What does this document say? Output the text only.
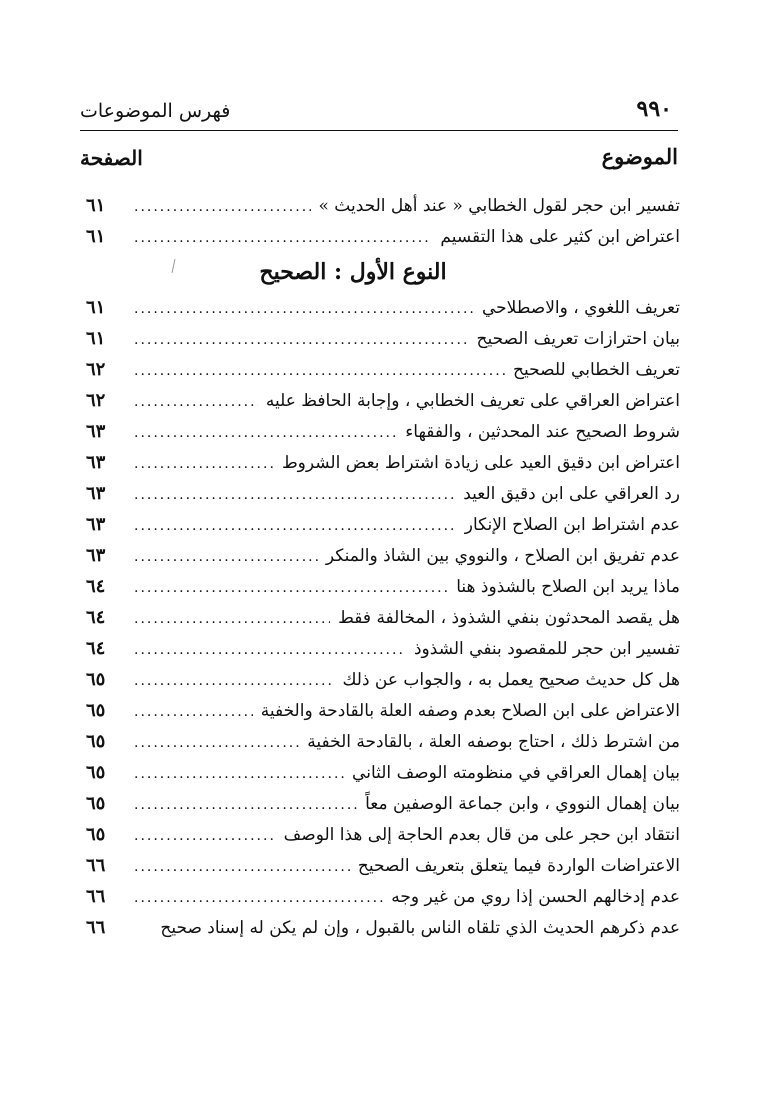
٩٩٠
فهرس الموضوعات
الموضوع
الصفحة
تفسير ابن حجر لقول الخطابي « عند أهل الحديث »
.....
٦١
اعتراض ابن كثير على هذا التقسيم
.....
٦١
النوع الأول : الصحيح
تعريف اللغوي ، والاصطلاحي
.....
٦١
بيان احترازات تعريف الصحيح
.....
٦١
تعريف الخطابي للصحيح
.....
٦٢
اعتراض العراقي على تعريف الخطابي ، وإجابة الحافظ عليه
.....
٦٢
شروط الصحيح عند المحدثين ، والفقهاء
.....
٦٣
اعتراض ابن دقيق العيد على زيادة اشتراط بعض الشروط
.....
٦٣
رد العراقي على ابن دقيق العيد
.....
٦٣
عدم اشتراط ابن الصلاح الإنكار
.....
٦٣
عدم تفريق ابن الصلاح ، والنووي بين الشاذ والمنكر
.....
٦٣
ماذا يريد ابن الصلاح بالشذوذ هنا
.....
٦٤
هل يقصد المحدثون بنفي الشذوذ ، المخالفة فقط
.....
٦٤
تفسير ابن حجر للمقصود بنفي الشذوذ
.....
٦٤
هل كل حديث صحيح يعمل به ، والجواب عن ذلك
.....
٦٥
الاعتراض على ابن الصلاح بعدم وصفه العلة بالقادحة والخفية
.....
٦٥
من اشترط ذلك ، احتاج بوصفه العلة ، بالقادحة الخفية
.....
٦٥
بيان إهمال العراقي في منظومته الوصف الثاني
.....
٦٥
بيان إهمال النووي ، وابن جماعة الوصفين معاً
.....
٦٥
انتقاد ابن حجر على من قال بعدم الحاجة إلى هذا الوصف
.....
٦٥
الاعتراضات الواردة فيما يتعلق بتعريف الصحيح
.....
٦٦
عدم إدخالهم الحسن إذا روي من غير وجه
.....
٦٦
عدم ذكرهم الحديث الذي تلقاه الناس بالقبول ، وإن لم يكن له إسناد صحيح
٦٦
